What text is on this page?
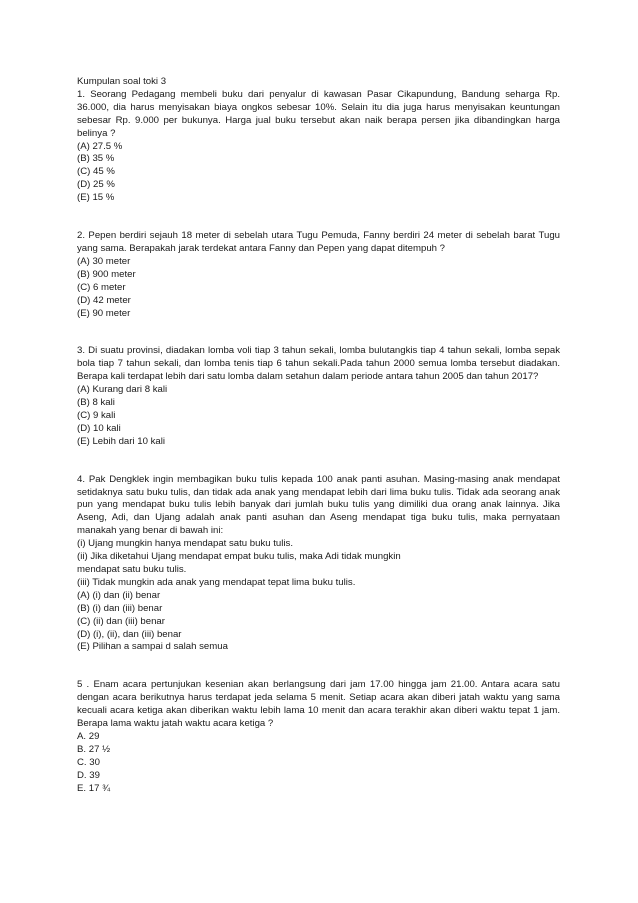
Kumpulan soal toki 3

1. Seorang Pedagang membeli buku dari penyalur di kawasan Pasar Cikapundung, Bandung seharga Rp. 36.000, dia harus menyisakan biaya ongkos sebesar 10%. Selain itu dia juga harus menyisakan keuntungan sebesar Rp. 9.000 per bukunya. Harga jual buku tersebut akan naik berapa persen jika dibandingkan harga belinya ?

(A) 27.5 %

(B) 35 %

(C) 45 %

(D) 25 %

(E) 15 %

2. Pepen berdiri sejauh 18 meter di sebelah utara Tugu Pemuda, Fanny berdiri 24 meter di sebelah barat Tugu yang sama. Berapakah jarak terdekat antara Fanny dan Pepen yang dapat ditempuh ?

(A) 30 meter

(B) 900 meter

(C) 6 meter

(D) 42 meter

(E) 90 meter

3. Di suatu provinsi, diadakan lomba voli tiap 3 tahun sekali, lomba bulutangkis tiap 4 tahun sekali, lomba sepak bola tiap 7 tahun sekali, dan lomba tenis tiap 6 tahun sekali.Pada tahun 2000 semua lomba tersebut diadakan. Berapa kali terdapat lebih dari satu lomba dalam setahun dalam periode antara tahun 2005 dan tahun 2017?

(A) Kurang dari 8 kali

(B) 8 kali

(C) 9 kali

(D) 10 kali

(E) Lebih dari 10 kali

4. Pak Dengklek ingin membagikan buku tulis kepada 100 anak panti asuhan. Masing-masing anak mendapat setidaknya satu buku tulis, dan tidak ada anak yang mendapat lebih dari lima buku tulis. Tidak ada seorang anak pun yang mendapat buku tulis lebih banyak dari jumlah buku tulis yang dimiliki dua orang anak lainnya. Jika Aseng, Adi, dan Ujang adalah anak panti asuhan dan Aseng mendapat tiga buku tulis, maka pernyataan manakah yang benar di bawah ini:

(i) Ujang mungkin hanya mendapat satu buku tulis.

(ii) Jika diketahui Ujang mendapat empat buku tulis, maka Adi tidak mungkin

mendapat satu buku tulis.

(iii) Tidak mungkin ada anak yang mendapat tepat lima buku tulis.

(A) (i) dan (ii) benar

(B) (i) dan (iii) benar

(C) (ii) dan (iii) benar

(D) (i), (ii), dan (iii) benar

(E) Pilihan a sampai d salah semua

5 . Enam acara pertunjukan kesenian akan berlangsung dari jam 17.00 hingga jam 21.00. Antara acara satu dengan acara berikutnya harus terdapat jeda selama 5 menit. Setiap acara akan diberi jatah waktu yang sama kecuali acara ketiga akan diberikan waktu lebih lama 10 menit dan acara terakhir akan diberi waktu tepat 1 jam. Berapa lama waktu jatah waktu acara ketiga ?

A. 29

B. 27 ½

C. 30

D. 39

E. 17 ¾
